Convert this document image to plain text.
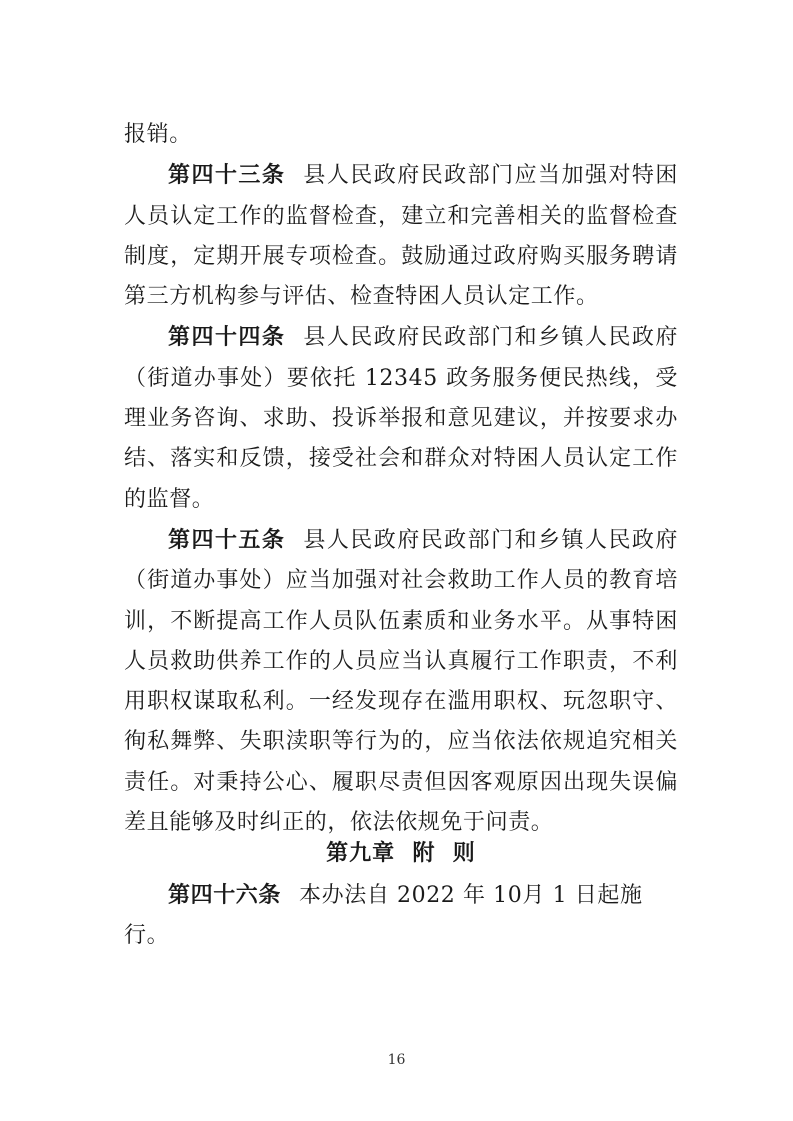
报销。

第四十三条 县人民政府民政部门应当加强对特困人员认定工作的监督检查，建立和完善相关的监督检查制度，定期开展专项检查。鼓励通过政府购买服务聘请第三方机构参与评估、检查特困人员认定工作。

第四十四条 县人民政府民政部门和乡镇人民政府（街道办事处）要依托 12345 政务服务便民热线，受理业务咨询、求助、投诉举报和意见建议，并按要求办结、落实和反馈，接受社会和群众对特困人员认定工作的监督。

第四十五条 县人民政府民政部门和乡镇人民政府（街道办事处）应当加强对社会救助工作人员的教育培训，不断提高工作人员队伍素质和业务水平。从事特困人员救助供养工作的人员应当认真履行工作职责，不利用职权谋取私利。一经发现存在滥用职权、玩忽职守、徇私舞弊、失职渎职等行为的，应当依法依规追究相关责任。对秉持公心、履职尽责但因客观原因出现失误偏差且能够及时纠正的，依法依规免于问责。

第九章  附  则

第四十六条 本办法自 2022 年 10月 1 日起施行。

16
